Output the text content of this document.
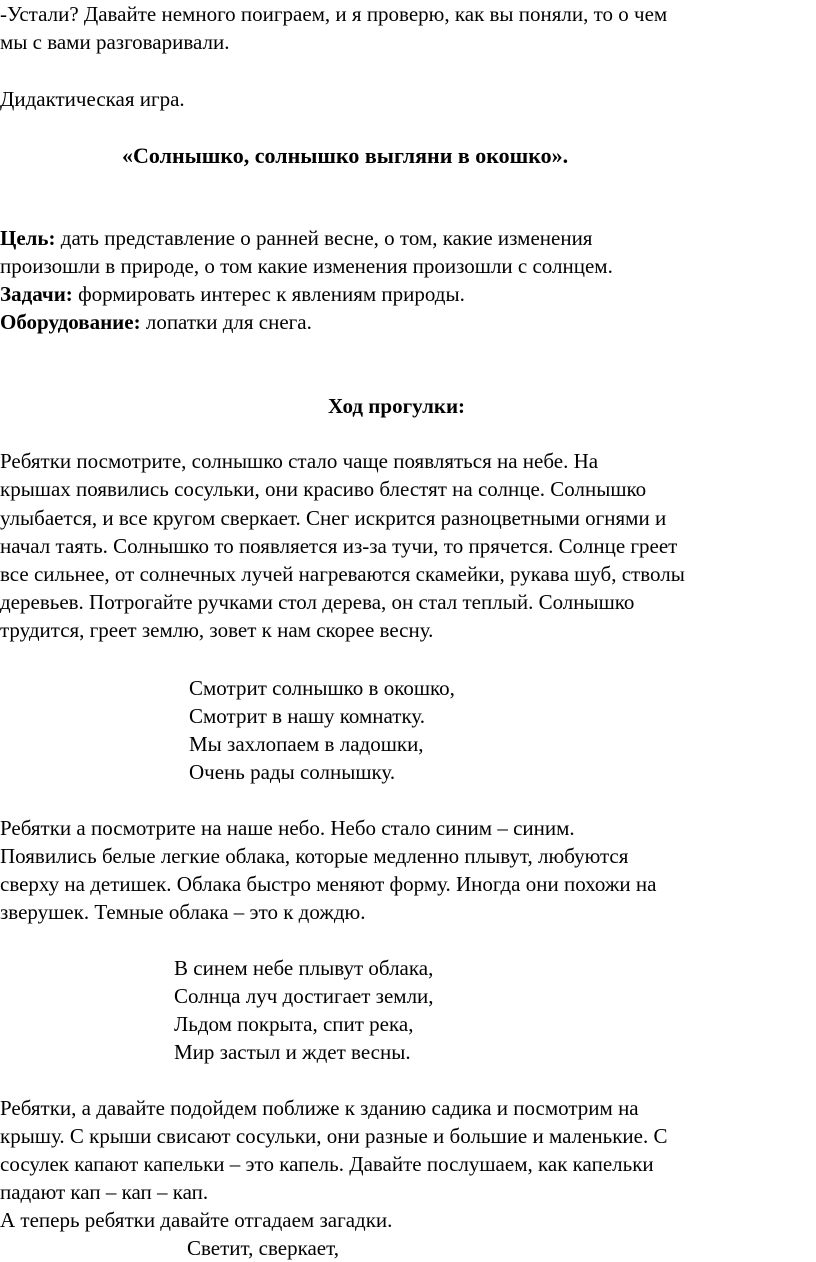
-Устали? Давайте немного поиграем, и я проверю, как вы поняли, то о чем
мы с вами разговаривали.
Дидактическая игра.
«Солнышко, солнышко выгляни в окошко».
Цель: дать представление о ранней весне, о том, какие изменения
произошли в природе, о том какие изменения произошли с солнцем.
Задачи: формировать интерес к явлениям природы.
Оборудование: лопатки для снега.
Ход прогулки:
Ребятки посмотрите, солнышко стало чаще появляться на небе. На
крышах появились сосульки, они красиво блестят на солнце. Солнышко
улыбается, и все кругом сверкает. Снег искрится разноцветными огнями и
начал таять. Солнышко то появляется из-за тучи, то прячется. Солнце греет
все сильнее, от солнечных лучей нагреваются скамейки, рукава шуб, стволы
деревьев. Потрогайте ручками стол дерева, он стал теплый. Солнышко
трудится, греет землю, зовет к нам скорее весну.
Смотрит солнышко в окошко,
Смотрит в нашу комнатку.
Мы захлопаем в ладошки,
Очень рады солнышку.
Ребятки а посмотрите на наше небо. Небо стало синим – синим.
Появились белые легкие облака, которые медленно плывут, любуются
сверху на детишек. Облака быстро меняют форму. Иногда они похожи на
зверушек. Темные облака – это к дождю.
В синем небе плывут облака,
Солнца луч достигает земли,
Льдом покрыта, спит река,
Мир застыл и ждет весны.
Ребятки, а давайте подойдем поближе к зданию садика и посмотрим на
крышу. С крыши свисают сосульки, они разные и большие и маленькие. С
сосулек капают капельки – это капель. Давайте послушаем, как капельки
падают кап – кап – кап.
А теперь ребятки давайте отгадаем загадки.
Светит, сверкает,
